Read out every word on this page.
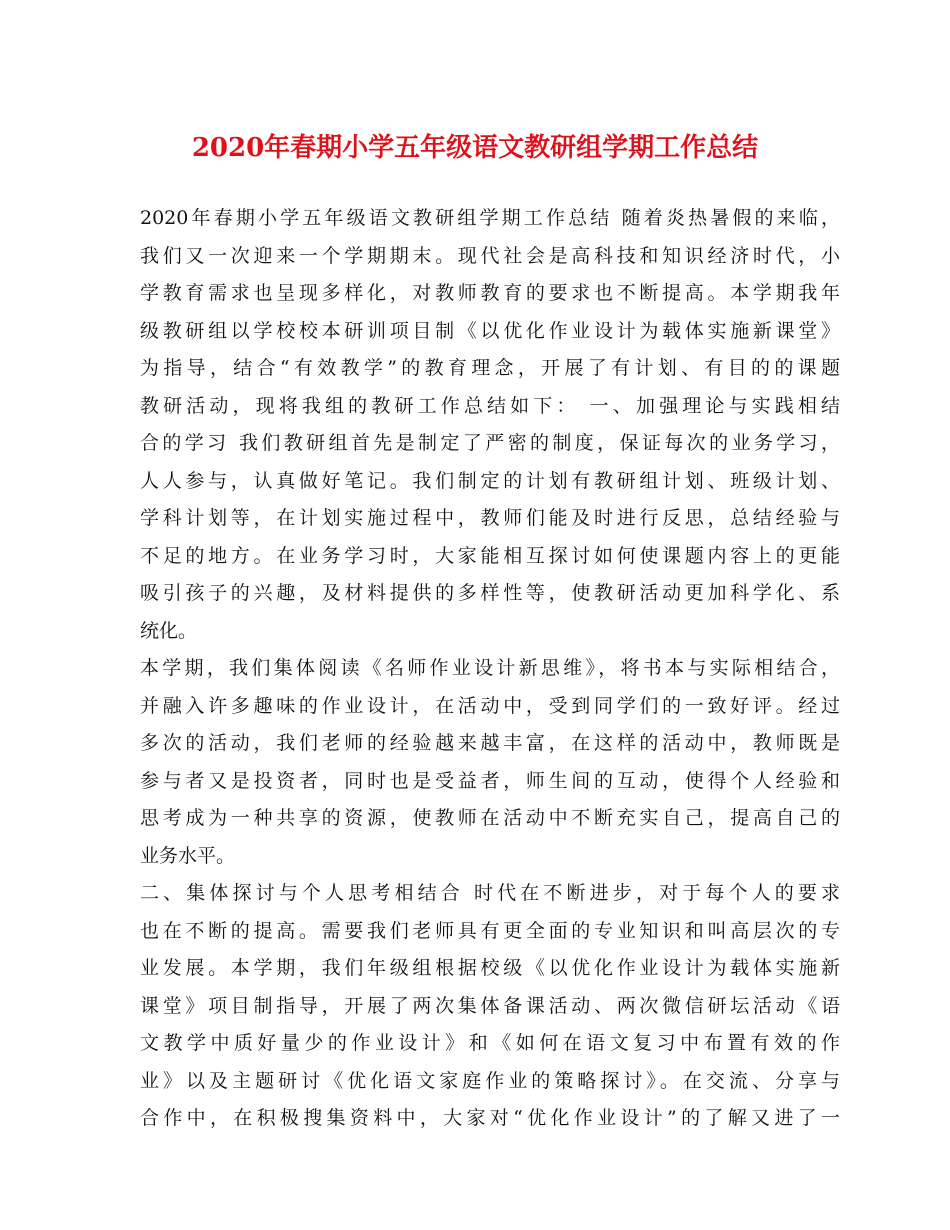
2020年春期小学五年级语文教研组学期工作总结
2020年春期小学五年级语文教研组学期工作总结 随着炎热暑假的来临，
我们又一次迎来一个学期期末。现代社会是高科技和知识经济时代，小
学教育需求也呈现多样化，对教师教育的要求也不断提高。本学期我年
级教研组以学校校本研训项目制《以优化作业设计为载体实施新课堂》
为指导，结合“有效教学”的教育理念，开展了有计划、有目的的课题
教研活动，现将我组的教研工作总结如下： 一、加强理论与实践相结
合的学习 我们教研组首先是制定了严密的制度，保证每次的业务学习，
人人参与，认真做好笔记。我们制定的计划有教研组计划、班级计划、
学科计划等，在计划实施过程中，教师们能及时进行反思，总结经验与
不足的地方。在业务学习时，大家能相互探讨如何使课题内容上的更能
吸引孩子的兴趣，及材料提供的多样性等，使教研活动更加科学化、系
统化。
本学期，我们集体阅读《名师作业设计新思维》，将书本与实际相结合，
并融入许多趣味的作业设计，在活动中，受到同学们的一致好评。经过
多次的活动，我们老师的经验越来越丰富，在这样的活动中，教师既是
参与者又是投资者，同时也是受益者，师生间的互动，使得个人经验和
思考成为一种共享的资源，使教师在活动中不断充实自己，提高自己的
业务水平。
二、集体探讨与个人思考相结合 时代在不断进步，对于每个人的要求
也在不断的提高。需要我们老师具有更全面的专业知识和叫高层次的专
业发展。本学期，我们年级组根据校级《以优化作业设计为载体实施新
课堂》项目制指导，开展了两次集体备课活动、两次微信研坛活动《语
文教学中质好量少的作业设计》和《如何在语文复习中布置有效的作
业》以及主题研讨《优化语文家庭作业的策略探讨》。在交流、分享与
合作中，在积极搜集资料中，大家对“优化作业设计”的了解又进了一
